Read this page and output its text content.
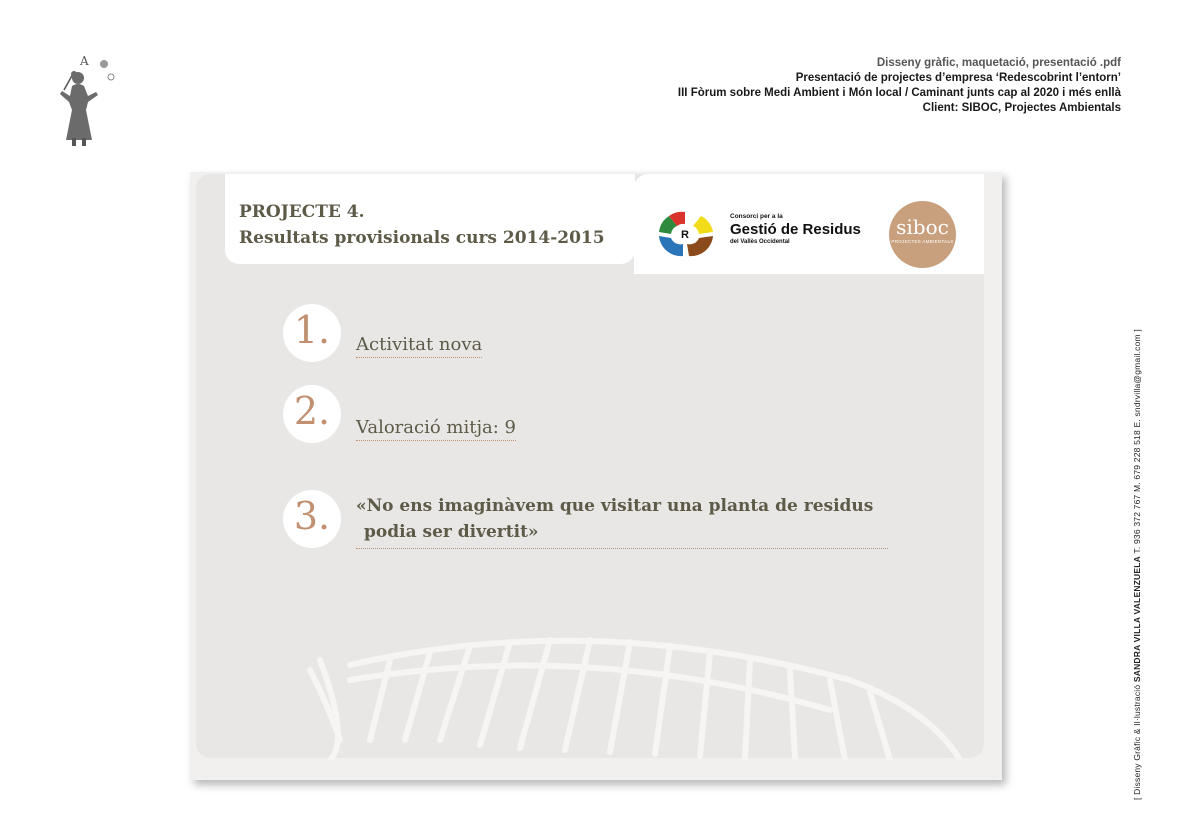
A	Disseny gràfic, maquetació, presentació .pdf
Presentació de projectes d’empresa ‘Redescobrint l’entorn’
III Fòrum sobre Medi Ambient i Món local / Caminant junts cap al 2020 i més enllà
Client: SIBOC, Projectes Ambientals
[ Disseny Gràfic & Il·lustració SANDRA VILLA VALENZUELA T. 936 372 767 M. 679 228 518 E. sndrvilla@gmail.com ]
PROJECTE 4.
Resultats provisionals curs 2014-2015	R
Consorci per a la
Gestió de Residus
del Vallès Occidental
siboc
PROJECTES AMBIENTALS
1.	Activitat nova
2.	Valoració mitja: 9
3.	«No ens imaginàvem que visitar una planta de residus
podia ser divertit»
